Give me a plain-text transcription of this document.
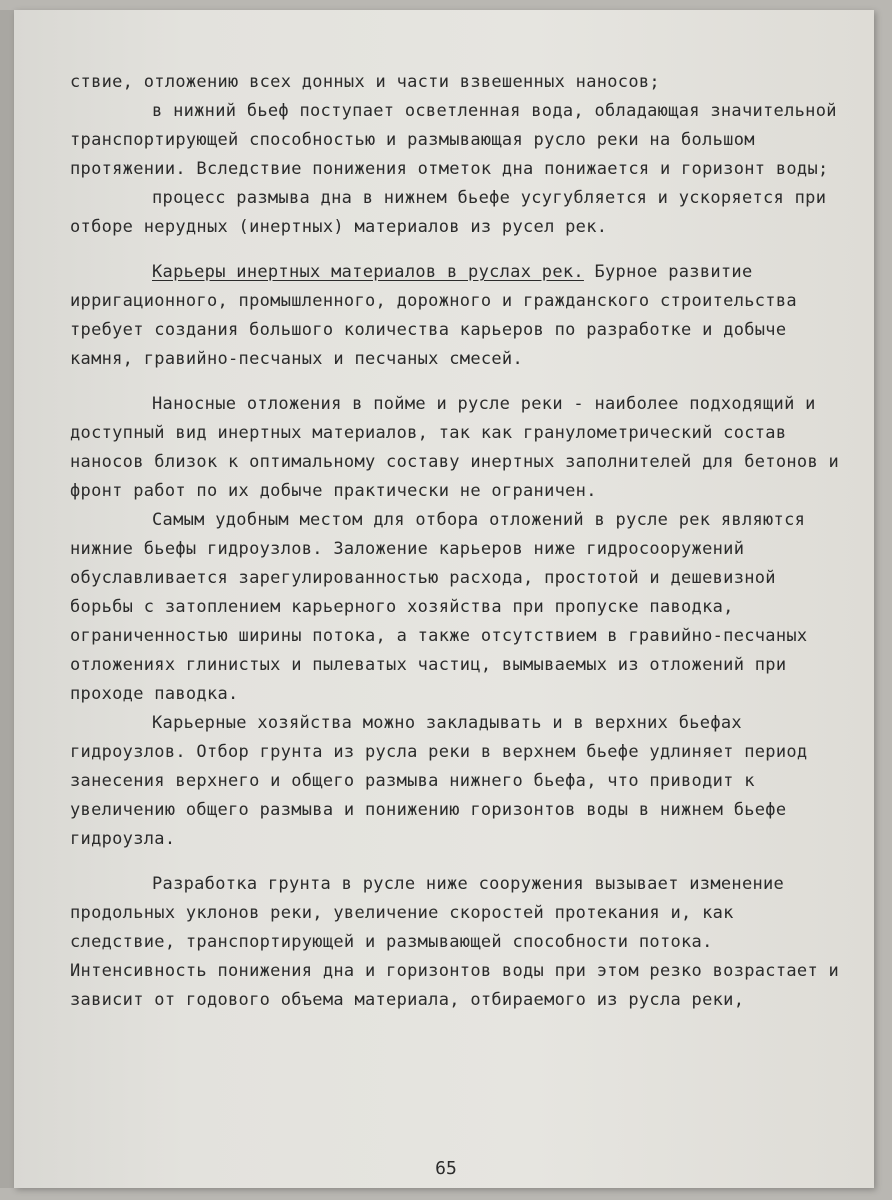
ствие, отложению всех донных и части взвешенных наносов;

в нижний бьеф поступает осветленная вода, обладающая значительной транспортирующей способностью и размывающая русло реки на большом протяжении. Вследствие понижения отметок дна понижается и горизонт воды;

процесс размыва дна в нижнем бьефе усугубляется и ускоряется при отборе нерудных (инертных) материалов из русел рек.

Карьеры инертных материалов в руслах рек. Бурное развитие ирригационного, промышленного, дорожного и гражданского строительства требует создания большого количества карьеров по разработке и добыче камня, гравийно-песчаных и песчаных смесей.

Наносные отложения в пойме и русле реки - наиболее подходящий и доступный вид инертных материалов, так как гранулометрический состав наносов близок к оптимальному составу инертных заполнителей для бетонов и фронт работ по их добыче практически не ограничен.

Самым удобным местом для отбора отложений в русле рек являются нижние бьефы гидроузлов. Заложение карьеров ниже гидросооружений обуславливается зарегулированностью расхода, простотой и дешевизной борьбы с затоплением карьерного хозяйства при пропуске паводка, ограниченностью ширины потока, а также отсутствием в гравийно-песчаных отложениях глинистых и пылеватых частиц, вымываемых из отложений при проходе паводка.

Карьерные хозяйства можно закладывать и в верхних бьефах гидроузлов. Отбор грунта из русла реки в верхнем бьефе удлиняет период занесения верхнего и общего размыва нижнего бьефа, что приводит к увеличению общего размыва и понижению горизонтов воды в нижнем бьефе гидроузла.

Разработка грунта в русле ниже сооружения вызывает изменение продольных уклонов реки, увеличение скоростей протекания и, как следствие, транспортирующей и размывающей способности потока. Интенсивность понижения дна и горизонтов воды при этом резко возрастает и зависит от годового объема материала, отбираемого из русла реки,

65
